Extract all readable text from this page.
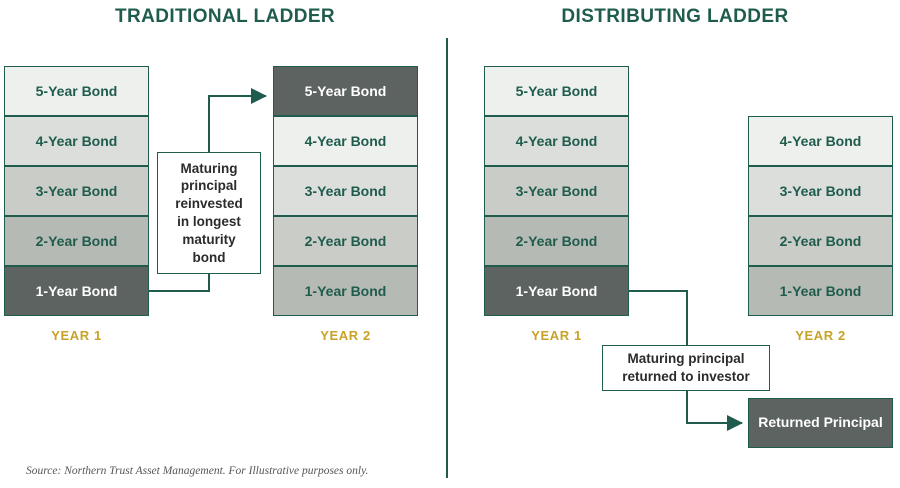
TRADITIONAL LADDER	DISTRIBUTING LADDER
5-Year Bond
4-Year Bond
3-Year Bond
2-Year Bond
1-Year Bond
YEAR 1
5-Year Bond
4-Year Bond
3-Year Bond
2-Year Bond
1-Year Bond
YEAR 2
5-Year Bond
4-Year Bond
3-Year Bond
2-Year Bond
1-Year Bond
YEAR 1
4-Year Bond
3-Year Bond
2-Year Bond
1-Year Bond
YEAR 2
Maturing
principal
reinvested
in longest
maturity
bond
Maturing principal
returned to investor
Returned Principal
Source: Northern Trust Asset Management. For Illustrative purposes only.
